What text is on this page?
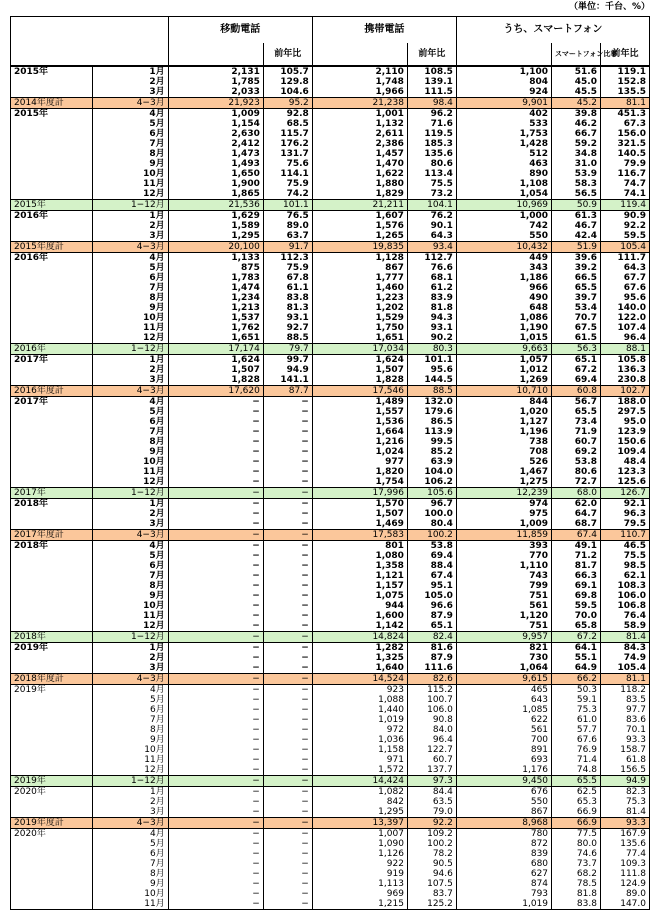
（単位：千台、%）
		移動電話		携帯電話		うち、スマートフォン		
			前年比		前年比		スマートフォン比率	前年比
2015年	1月	2,131	105.7	2,110	108.5	1,100	51.6	119.1
	2月	1,785	129.8	1,748	139.1	804	45.0	152.8
	3月	2,033	104.6	1,966	111.5	924	45.5	135.5
2014年度計	4−3月	21,923	95.2	21,238	98.4	9,901	45.2	81.1
2015年	4月	1,009	92.8	1,001	96.2	402	39.8	451.3
	5月	1,154	68.5	1,132	71.6	533	46.2	67.3
	6月	2,630	115.7	2,611	119.5	1,753	66.7	156.0
	7月	2,412	176.2	2,386	185.3	1,428	59.2	321.5
	8月	1,473	131.7	1,457	135.6	512	34.8	140.5
	9月	1,493	75.6	1,470	80.6	463	31.0	79.9
	10月	1,650	114.1	1,622	113.4	890	53.9	116.7
	11月	1,900	75.9	1,880	75.5	1,108	58.3	74.7
	12月	1,865	74.2	1,829	73.2	1,054	56.5	74.1
2015年	1−12月	21,536	101.1	21,211	104.1	10,969	50.9	119.4
2016年	1月	1,629	76.5	1,607	76.2	1,000	61.3	90.9
	2月	1,589	89.0	1,576	90.1	742	46.7	92.2
	3月	1,295	63.7	1,265	64.3	550	42.4	59.5
2015年度計	4−3月	20,100	91.7	19,835	93.4	10,432	51.9	105.4
2016年	4月	1,133	112.3	1,128	112.7	449	39.6	111.7
	5月	875	75.9	867	76.6	343	39.2	64.3
	6月	1,783	67.8	1,777	68.1	1,186	66.5	67.7
	7月	1,474	61.1	1,460	61.2	966	65.5	67.6
	8月	1,234	83.8	1,223	83.9	490	39.7	95.6
	9月	1,213	81.3	1,202	81.8	648	53.4	140.0
	10月	1,537	93.1	1,529	94.3	1,086	70.7	122.0
	11月	1,762	92.7	1,750	93.1	1,190	67.5	107.4
	12月	1,651	88.5	1,651	90.2	1,015	61.5	96.4
2016年	1−12月	17,174	79.7	17,034	80.3	9,663	56.3	88.1
2017年	1月	1,624	99.7	1,624	101.1	1,057	65.1	105.8
	2月	1,507	94.9	1,507	95.6	1,012	67.2	136.3
	3月	1,828	141.1	1,828	144.5	1,269	69.4	230.8
2016年度計	4−3月	17,620	87.7	17,546	88.5	10,710	60.8	102.7
2017年	4月	−	−	1,489	132.0	844	56.7	188.0
	5月	−	−	1,557	179.6	1,020	65.5	297.5
	6月	−	−	1,536	86.5	1,127	73.4	95.0
	7月	−	−	1,664	113.9	1,196	71.9	123.9
	8月	−	−	1,216	99.5	738	60.7	150.6
	9月	−	−	1,024	85.2	708	69.2	109.4
	10月	−	−	977	63.9	526	53.8	48.4
	11月	−	−	1,820	104.0	1,467	80.6	123.3
	12月	−	−	1,754	106.2	1,275	72.7	125.6
2017年	1−12月	−	−	17,996	105.6	12,239	68.0	126.7
2018年	1月	−	−	1,570	96.7	974	62.0	92.1
	2月	−	−	1,507	100.0	975	64.7	96.3
	3月	−	−	1,469	80.4	1,009	68.7	79.5
2017年度計	4−3月	−	−	17,583	100.2	11,859	67.4	110.7
2018年	4月	−	−	801	53.8	393	49.1	46.5
	5月	−	−	1,080	69.4	770	71.2	75.5
	6月	−	−	1,358	88.4	1,110	81.7	98.5
	7月	−	−	1,121	67.4	743	66.3	62.1
	8月	−	−	1,157	95.1	799	69.1	108.3
	9月	−	−	1,075	105.0	751	69.8	106.0
	10月	−	−	944	96.6	561	59.5	106.8
	11月	−	−	1,600	87.9	1,120	70.0	76.4
	12月	−	−	1,142	65.1	751	65.8	58.9
2018年	1−12月	−	−	14,824	82.4	9,957	67.2	81.4
2019年	1月	−	−	1,282	81.6	821	64.1	84.3
	2月	−	−	1,325	87.9	730	55.1	74.9
	3月	−	−	1,640	111.6	1,064	64.9	105.4
2018年度計	4−3月	−	−	14,524	82.6	9,615	66.2	81.1
2019年	4月	−	−	923	115.2	465	50.3	118.2
	5月	−	−	1,088	100.7	643	59.1	83.5
	6月	−	−	1,440	106.0	1,085	75.3	97.7
	7月	−	−	1,019	90.8	622	61.0	83.6
	8月	−	−	972	84.0	561	57.7	70.1
	9月	−	−	1,036	96.4	700	67.6	93.3
	10月	−	−	1,158	122.7	891	76.9	158.7
	11月	−	−	971	60.7	693	71.4	61.8
	12月	−	−	1,572	137.7	1,176	74.8	156.5
2019年	1−12月	−	−	14,424	97.3	9,450	65.5	94.9
2020年	1月	−	−	1,082	84.4	676	62.5	82.3
	2月	−	−	842	63.5	550	65.3	75.3
	3月	−	−	1,295	79.0	867	66.9	81.4
2019年度計	4−3月	−	−	13,397	92.2	8,968	66.9	93.3
2020年	4月	−	−	1,007	109.2	780	77.5	167.9
	5月	−	−	1,090	100.2	872	80.0	135.6
	6月	−	−	1,126	78.2	839	74.6	77.4
	7月	−	−	922	90.5	680	73.7	109.3
	8月	−	−	919	94.6	627	68.2	111.8
	9月	−	−	1,113	107.5	874	78.5	124.9
	10月	−	−	969	83.7	793	81.8	89.0
	11月	−	−	1,215	125.2	1,019	83.8	147.0
